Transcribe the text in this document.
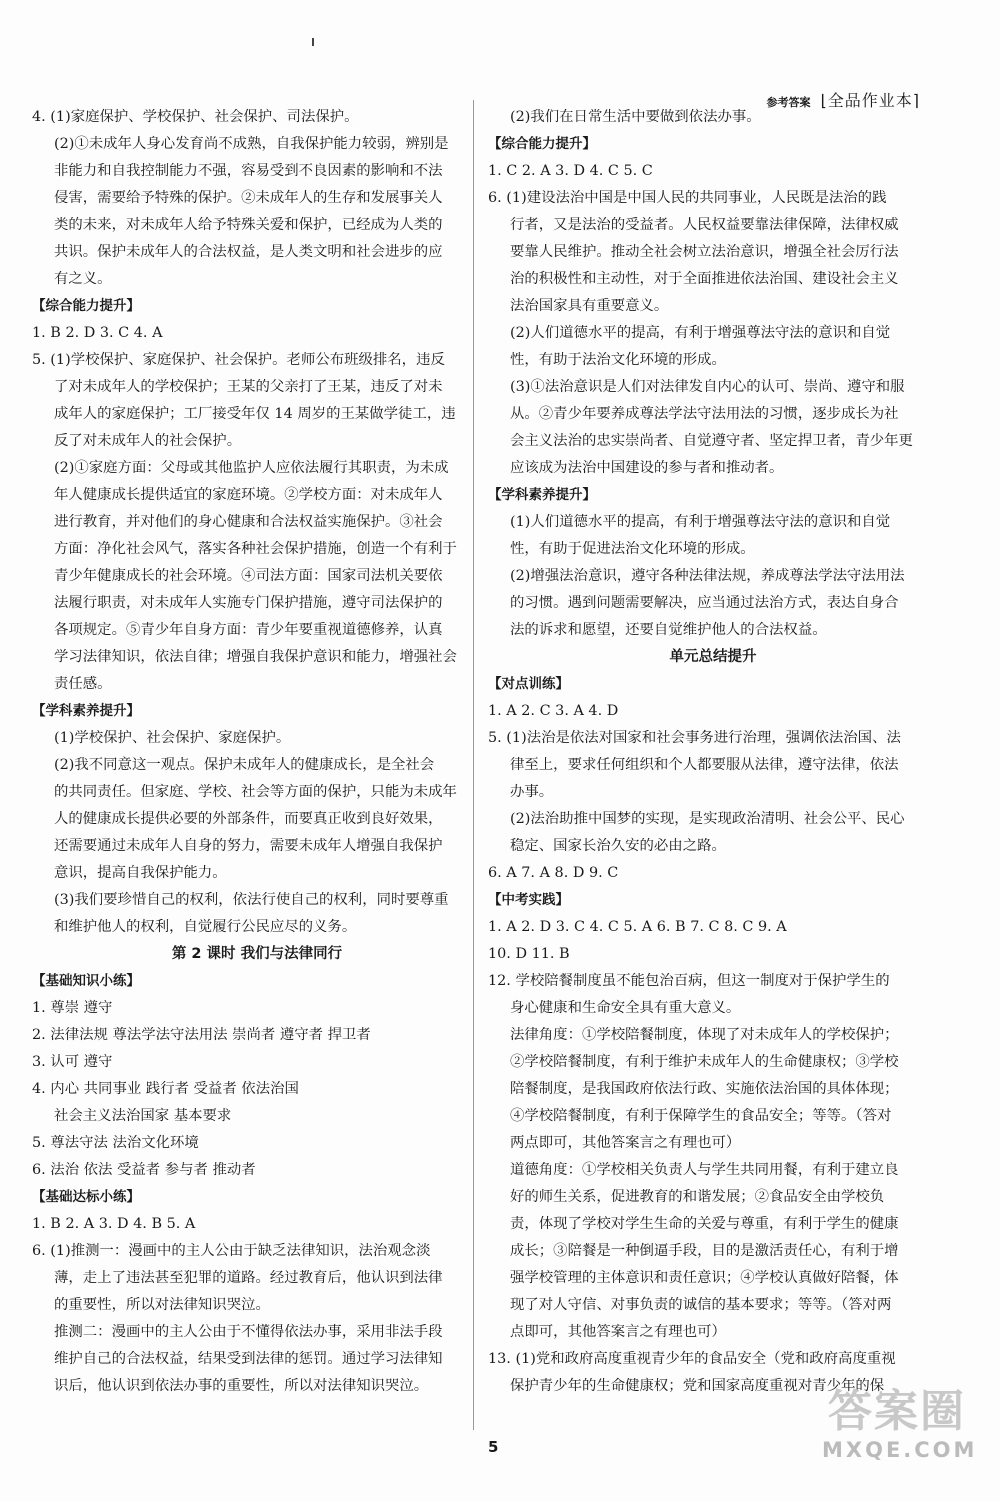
参考答案 ⌊全品作业本⌉
4. (1)家庭保护、学校保护、社会保护、司法保护。
(2)①未成年人身心发育尚不成熟，自我保护能力较弱，辨别是
非能力和自我控制能力不强，容易受到不良因素的影响和不法
侵害，需要给予特殊的保护。②未成年人的生存和发展事关人
类的未来，对未成年人给予特殊关爱和保护，已经成为人类的
共识。保护未成年人的合法权益，是人类文明和社会进步的应
有之义。
【综合能力提升】
1. B 2. D 3. C 4. A
5. (1)学校保护、家庭保护、社会保护。老师公布班级排名，违反
了对未成年人的学校保护；王某的父亲打了王某，违反了对未
成年人的家庭保护；工厂接受年仅 14 周岁的王某做学徒工，违
反了对未成年人的社会保护。
(2)①家庭方面：父母或其他监护人应依法履行其职责，为未成
年人健康成长提供适宜的家庭环境。②学校方面：对未成年人
进行教育，并对他们的身心健康和合法权益实施保护。③社会
方面：净化社会风气，落实各种社会保护措施，创造一个有利于
青少年健康成长的社会环境。④司法方面：国家司法机关要依
法履行职责，对未成年人实施专门保护措施，遵守司法保护的
各项规定。⑤青少年自身方面：青少年要重视道德修养，认真
学习法律知识，依法自律；增强自我保护意识和能力，增强社会
责任感。
【学科素养提升】
(1)学校保护、社会保护、家庭保护。
(2)我不同意这一观点。保护未成年人的健康成长，是全社会
的共同责任。但家庭、学校、社会等方面的保护，只能为未成年
人的健康成长提供必要的外部条件，而要真正收到良好效果，
还需要通过未成年人自身的努力，需要未成年人增强自我保护
意识，提高自我保护能力。
(3)我们要珍惜自己的权利，依法行使自己的权利，同时要尊重
和维护他人的权利，自觉履行公民应尽的义务。
第 2 课时 我们与法律同行
【基础知识小练】
1. 尊崇 遵守
2. 法律法规 尊法学法守法用法 崇尚者 遵守者 捍卫者
3. 认可 遵守
4. 内心 共同事业 践行者 受益者 依法治国
社会主义法治国家 基本要求
5. 尊法守法 法治文化环境
6. 法治 依法 受益者 参与者 推动者
【基础达标小练】
1. B 2. A 3. D 4. B 5. A
6. (1)推测一：漫画中的主人公由于缺乏法律知识，法治观念淡
薄，走上了违法甚至犯罪的道路。经过教育后，他认识到法律
的重要性，所以对法律知识哭泣。
推测二：漫画中的主人公由于不懂得依法办事，采用非法手段
维护自己的合法权益，结果受到法律的惩罚。通过学习法律知
识后，他认识到依法办事的重要性，所以对法律知识哭泣。
(2)我们在日常生活中要做到依法办事。
【综合能力提升】
1. C 2. A 3. D 4. C 5. C
6. (1)建设法治中国是中国人民的共同事业，人民既是法治的践
行者，又是法治的受益者。人民权益要靠法律保障，法律权威
要靠人民维护。推动全社会树立法治意识，增强全社会厉行法
治的积极性和主动性，对于全面推进依法治国、建设社会主义
法治国家具有重要意义。
(2)人们道德水平的提高，有利于增强尊法守法的意识和自觉
性，有助于法治文化环境的形成。
(3)①法治意识是人们对法律发自内心的认可、崇尚、遵守和服
从。②青少年要养成尊法学法守法用法的习惯，逐步成长为社
会主义法治的忠实崇尚者、自觉遵守者、坚定捍卫者，青少年更
应该成为法治中国建设的参与者和推动者。
【学科素养提升】
(1)人们道德水平的提高，有利于增强尊法守法的意识和自觉
性，有助于促进法治文化环境的形成。
(2)增强法治意识，遵守各种法律法规，养成尊法学法守法用法
的习惯。遇到问题需要解决，应当通过法治方式，表达自身合
法的诉求和愿望，还要自觉维护他人的合法权益。
单元总结提升
【对点训练】
1. A 2. C 3. A 4. D
5. (1)法治是依法对国家和社会事务进行治理，强调依法治国、法
律至上，要求任何组织和个人都要服从法律，遵守法律，依法
办事。
(2)法治助推中国梦的实现，是实现政治清明、社会公平、民心
稳定、国家长治久安的必由之路。
6. A 7. A 8. D 9. C
【中考实践】
1. A 2. D 3. C 4. C 5. A 6. B 7. C 8. C 9. A
10. D 11. B
12. 学校陪餐制度虽不能包治百病，但这一制度对于保护学生的
身心健康和生命安全具有重大意义。
法律角度：①学校陪餐制度，体现了对未成年人的学校保护；
②学校陪餐制度，有利于维护未成年人的生命健康权；③学校
陪餐制度，是我国政府依法行政、实施依法治国的具体体现；
④学校陪餐制度，有利于保障学生的食品安全；等等。（答对
两点即可，其他答案言之有理也可）
道德角度：①学校相关负责人与学生共同用餐，有利于建立良
好的师生关系，促进教育的和谐发展；②食品安全由学校负
责，体现了学校对学生生命的关爱与尊重，有利于学生的健康
成长；③陪餐是一种倒逼手段，目的是激活责任心，有利于增
强学校管理的主体意识和责任意识；④学校认真做好陪餐，体
现了对人守信、对事负责的诚信的基本要求；等等。（答对两
点即可，其他答案言之有理也可）
13. (1)党和政府高度重视青少年的食品安全（党和政府高度重视
保护青少年的生命健康权；党和国家高度重视对青少年的保
5
答案圈
MXQE.COM
